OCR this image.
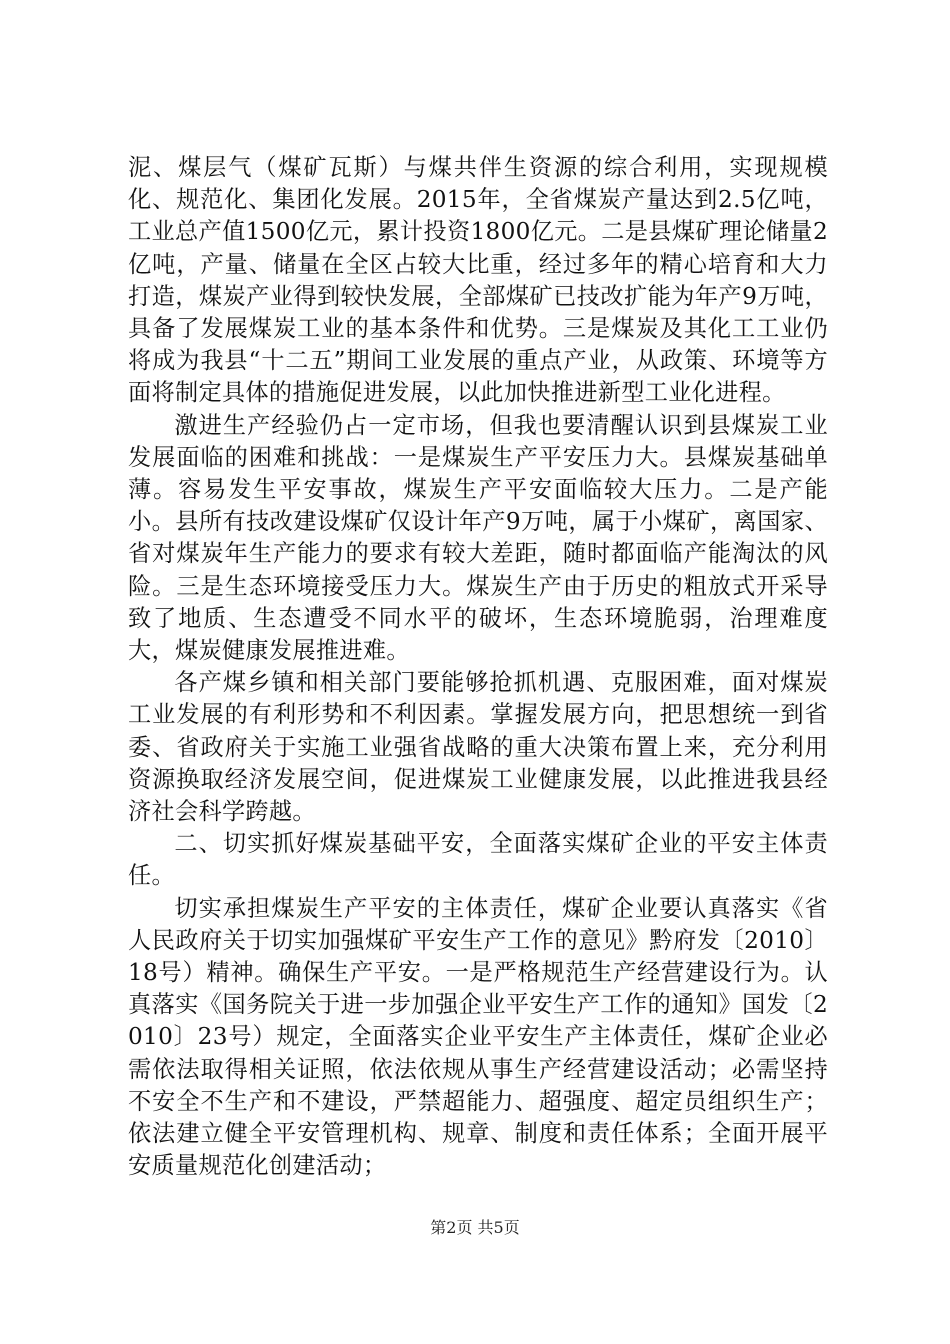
泥、煤层气（煤矿瓦斯）与煤共伴生资源的综合利用，实现规模化、规范化、集团化发展。2015年，全省煤炭产量达到2.5亿吨，工业总产值1500亿元，累计投资1800亿元。二是县煤矿理论储量2亿吨，产量、储量在全区占较大比重，经过多年的精心培育和大力打造，煤炭产业得到较快发展，全部煤矿已技改扩能为年产9万吨，具备了发展煤炭工业的基本条件和优势。三是煤炭及其化工工业仍将成为我县“十二五”期间工业发展的重点产业，从政策、环境等方面将制定具体的措施促进发展，以此加快推进新型工业化进程。

激进生产经验仍占一定市场，但我也要清醒认识到县煤炭工业发展面临的困难和挑战：一是煤炭生产平安压力大。县煤炭基础单薄。容易发生平安事故，煤炭生产平安面临较大压力。二是产能小。县所有技改建设煤矿仅设计年产9万吨，属于小煤矿，离国家、省对煤炭年生产能力的要求有较大差距，随时都面临产能淘汰的风险。三是生态环境接受压力大。煤炭生产由于历史的粗放式开采导致了地质、生态遭受不同水平的破坏，生态环境脆弱，治理难度大，煤炭健康发展推进难。

各产煤乡镇和相关部门要能够抢抓机遇、克服困难，面对煤炭工业发展的有利形势和不利因素。掌握发展方向，把思想统一到省委、省政府关于实施工业强省战略的重大决策布置上来，充分利用资源换取经济发展空间，促进煤炭工业健康发展，以此推进我县经济社会科学跨越。

二、切实抓好煤炭基础平安，全面落实煤矿企业的平安主体责任。

切实承担煤炭生产平安的主体责任，煤矿企业要认真落实《省人民政府关于切实加强煤矿平安生产工作的意见》黔府发〔2010〕18号）精神。确保生产平安。一是严格规范生产经营建设行为。认真落实《国务院关于进一步加强企业平安生产工作的通知》国发〔2010〕23号）规定，全面落实企业平安生产主体责任，煤矿企业必需依法取得相关证照，依法依规从事生产经营建设活动；必需坚持不安全不生产和不建设，严禁超能力、超强度、超定员组织生产；依法建立健全平安管理机构、规章、制度和责任体系；全面开展平安质量规范化创建活动；

第2页 共5页
